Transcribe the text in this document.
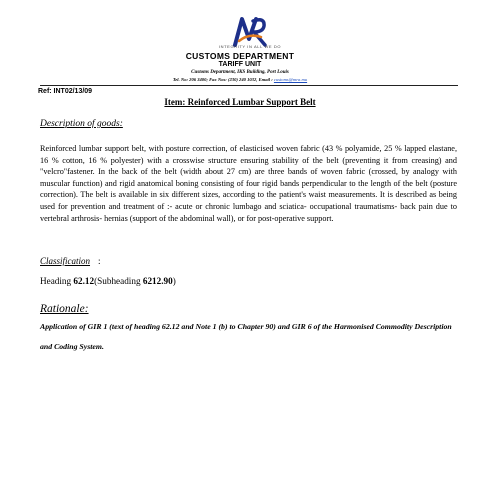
INTEGRITY IN ALL WE DO
CUSTOMS DEPARTMENT
TARIFF UNIT
Customs Department, IKS Building, Port Louis
Tel. No: 206 3400; Fax Nos: (230) 240 1032, Email : customs@mra.mu
Ref: INT02/13/09
Item: Reinforced Lumbar Support Belt
Description of goods:
Reinforced lumbar support belt, with posture correction, of elasticised woven fabric (43 % polyamide, 25 % lapped elastane, 16 % cotton, 16 % polyester) with a crosswise structure ensuring stability of the belt (preventing it from creasing) and "velcro"fastener. In the back of the belt (width about 27 cm) are three bands of woven fabric (crossed, by analogy with muscular function) and rigid anatomical boning consisting of four rigid bands perpendicular to the length of the belt (posture correction). The belt is available in six different sizes, according to the patient's waist measurements. It is described as being used for prevention and treatment of :- acute or chronic lumbago and sciatica- occupational traumatisms- back pain due to vertebral arthrosis- hernias (support of the abdominal wall), or for post-operative support.
Classification :
Heading 62.12(Subheading 6212.90)
Rationale:
Application of GIR 1 (text of heading 62.12 and Note 1 (b) to Chapter 90) and GIR 6 of the Harmonised Commodity Description and Coding System.
